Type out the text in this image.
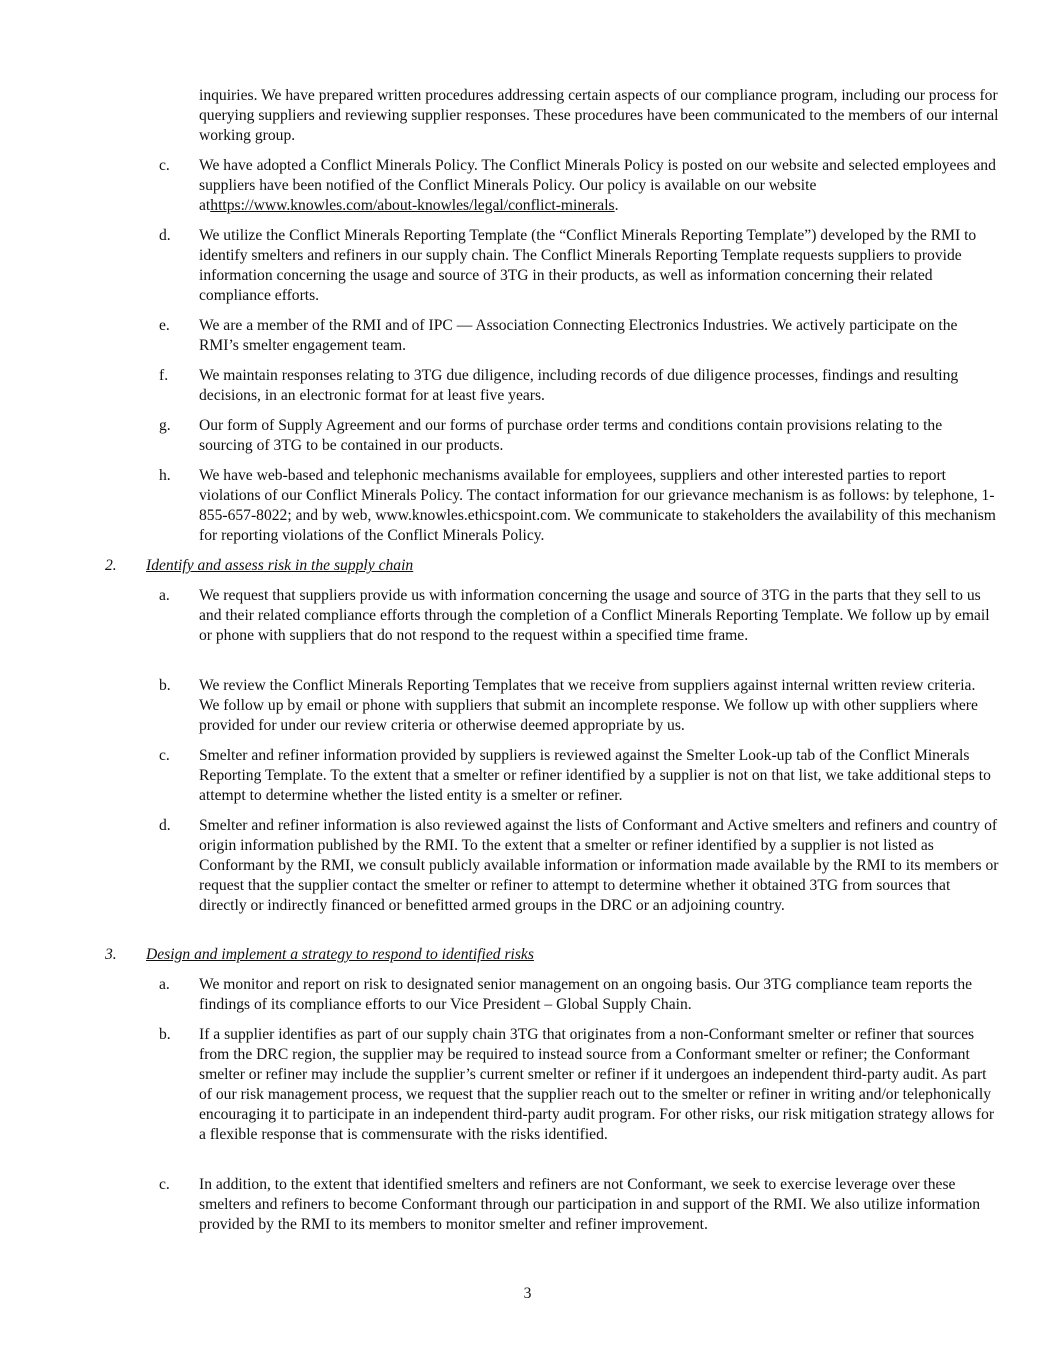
inquiries. We have prepared written procedures addressing certain aspects of our compliance program, including our process for querying suppliers and reviewing supplier responses. These procedures have been communicated to the members of our internal working group.

c. We have adopted a Conflict Minerals Policy. The Conflict Minerals Policy is posted on our website and selected employees and suppliers have been notified of the Conflict Minerals Policy. Our policy is available on our website athttps://www.knowles.com/about-knowles/legal/conflict-minerals.

d. We utilize the Conflict Minerals Reporting Template (the “Conflict Minerals Reporting Template”) developed by the RMI to identify smelters and refiners in our supply chain. The Conflict Minerals Reporting Template requests suppliers to provide information concerning the usage and source of 3TG in their products, as well as information concerning their related compliance efforts.

e. We are a member of the RMI and of IPC — Association Connecting Electronics Industries. We actively participate on the RMI’s smelter engagement team.

f. We maintain responses relating to 3TG due diligence, including records of due diligence processes, findings and resulting decisions, in an electronic format for at least five years.

g. Our form of Supply Agreement and our forms of purchase order terms and conditions contain provisions relating to the sourcing of 3TG to be contained in our products.

h. We have web-based and telephonic mechanisms available for employees, suppliers and other interested parties to report violations of our Conflict Minerals Policy. The contact information for our grievance mechanism is as follows: by telephone, 1-855-657-8022; and by web, www.knowles.ethicspoint.com. We communicate to stakeholders the availability of this mechanism for reporting violations of the Conflict Minerals Policy.

2. Identify and assess risk in the supply chain
a. We request that suppliers provide us with information concerning the usage and source of 3TG in the parts that they sell to us and their related compliance efforts through the completion of a Conflict Minerals Reporting Template. We follow up by email or phone with suppliers that do not respond to the request within a specified time frame.

b. We review the Conflict Minerals Reporting Templates that we receive from suppliers against internal written review criteria. We follow up by email or phone with suppliers that submit an incomplete response. We follow up with other suppliers where provided for under our review criteria or otherwise deemed appropriate by us.

c. Smelter and refiner information provided by suppliers is reviewed against the Smelter Look-up tab of the Conflict Minerals Reporting Template. To the extent that a smelter or refiner identified by a supplier is not on that list, we take additional steps to attempt to determine whether the listed entity is a smelter or refiner.

d. Smelter and refiner information is also reviewed against the lists of Conformant and Active smelters and refiners and country of origin information published by the RMI. To the extent that a smelter or refiner identified by a supplier is not listed as Conformant by the RMI, we consult publicly available information or information made available by the RMI to its members or request that the supplier contact the smelter or refiner to attempt to determine whether it obtained 3TG from sources that directly or indirectly financed or benefitted armed groups in the DRC or an adjoining country.

3. Design and implement a strategy to respond to identified risks
a. We monitor and report on risk to designated senior management on an ongoing basis. Our 3TG compliance team reports the findings of its compliance efforts to our Vice President – Global Supply Chain.

b. If a supplier identifies as part of our supply chain 3TG that originates from a non-Conformant smelter or refiner that sources from the DRC region, the supplier may be required to instead source from a Conformant smelter or refiner; the Conformant smelter or refiner may include the supplier’s current smelter or refiner if it undergoes an independent third-party audit. As part of our risk management process, we request that the supplier reach out to the smelter or refiner in writing and/or telephonically encouraging it to participate in an independent third-party audit program. For other risks, our risk mitigation strategy allows for a flexible response that is commensurate with the risks identified.

c. In addition, to the extent that identified smelters and refiners are not Conformant, we seek to exercise leverage over these smelters and refiners to become Conformant through our participation in and support of the RMI. We also utilize information provided by the RMI to its members to monitor smelter and refiner improvement.

3
